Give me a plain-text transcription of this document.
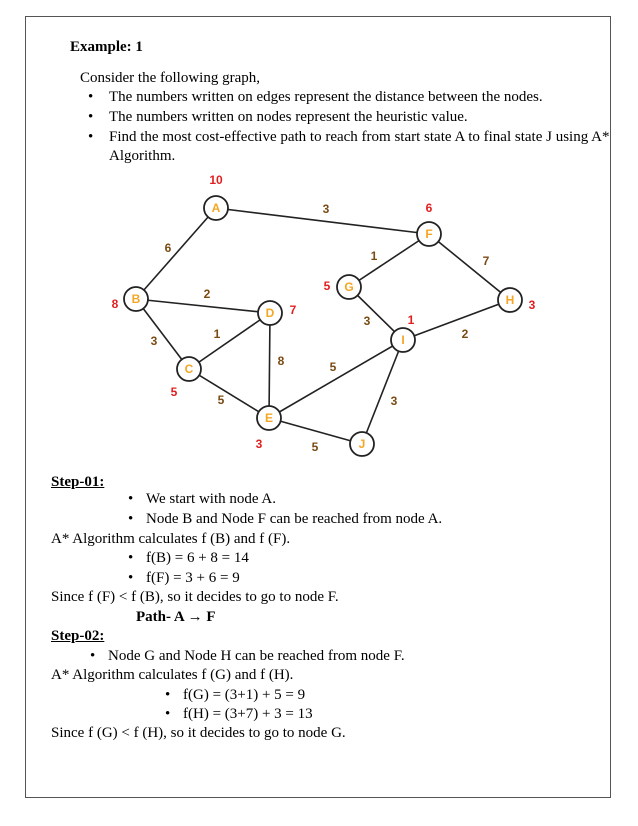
Example: 1
Consider the following graph,
• The numbers written on edges represent the distance between the nodes.
• The numbers written on nodes represent the heuristic value.
• Find the most cost-effective path to reach from start state A to final state J using A*
Algorithm.
3
6
2
3	1
8
5
5
5
1	7
3
2
3
A
10
B
8
C
5
D 7
E
3
F
6
G
5
H 3
I
1
J
Step-01:
• We start with node A.
• Node B and Node F can be reached from node A.
A* Algorithm calculates f (B) and f (F).
• f(B) = 6 + 8 = 14
• f(F) = 3 + 6 = 9
Since f (F) < f (B), so it decides to go to node F.
Path- A → F
Step-02:
• Node G and Node H can be reached from node F.
A* Algorithm calculates f (G) and f (H).
• f(G) = (3+1) + 5 = 9
• f(H) = (3+7) + 3 = 13
Since f (G) < f (H), so it decides to go to node G.
